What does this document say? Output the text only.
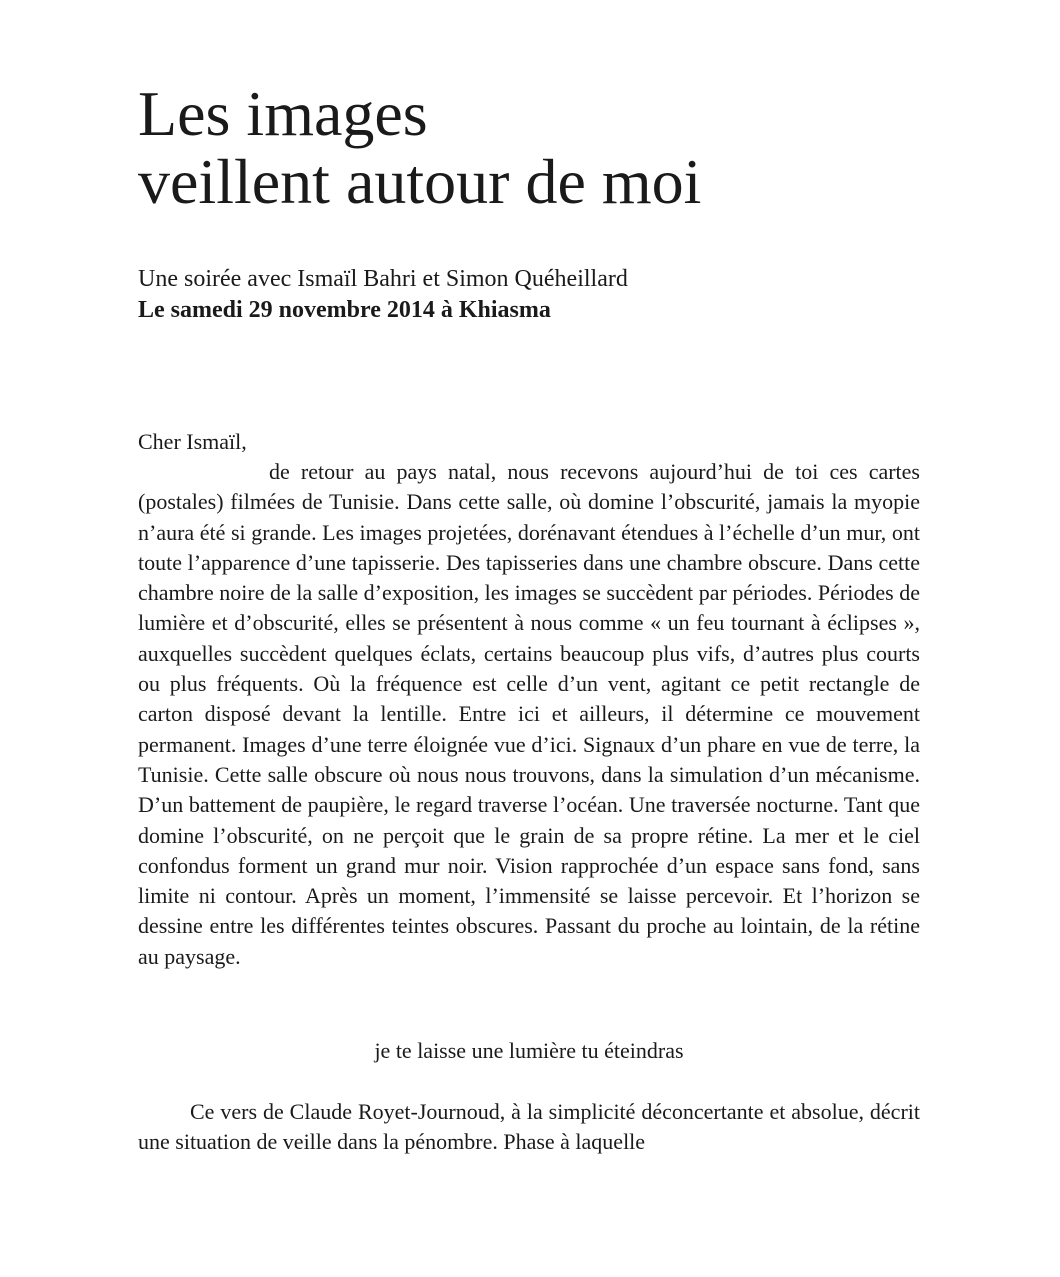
Les images
veillent autour de moi
Une soirée avec Ismaïl Bahri et Simon Quéheillard
Le samedi 29 novembre 2014 à Khiasma
Cher Ismaïl,

de retour au pays natal, nous recevons aujourd’hui de toi ces cartes (postales) filmées de Tunisie. Dans cette salle, où domine l’obscurité, jamais la myopie n’aura été si grande. Les images projetées, dorénavant étendues à l’échelle d’un mur, ont toute l’apparence d’une tapisserie. Des tapisseries dans une chambre obscure. Dans cette chambre noire de la salle d’exposition, les images se succèdent par périodes. Périodes de lumière et d’obscurité, elles se présentent à nous comme « un feu tournant à éclipses », auxquelles succèdent quelques éclats, certains beaucoup plus vifs, d’autres plus courts ou plus fréquents. Où la fréquence est celle d’un vent, agitant ce petit rectangle de carton disposé devant la lentille. Entre ici et ailleurs, il détermine ce mouvement permanent. Images d’une terre éloignée vue d’ici. Signaux d’un phare en vue de terre, la Tunisie. Cette salle obscure où nous nous trouvons, dans la simulation d’un mécanisme. D’un battement de paupière, le regard traverse l’océan. Une traversée nocturne. Tant que domine l’obscurité, on ne perçoit que le grain de sa propre rétine. La mer et le ciel confondus forment un grand mur noir. Vision rapprochée d’un espace sans fond, sans limite ni contour. Après un moment, l’immensité se laisse percevoir. Et l’horizon se dessine entre les différentes teintes obscures. Passant du proche au lointain, de la rétine au paysage.

je te laisse une lumière tu éteindras

Ce vers de Claude Royet-Journoud, à la simplicité déconcertante et absolue, décrit une situation de veille dans la pénombre. Phase à laquelle
